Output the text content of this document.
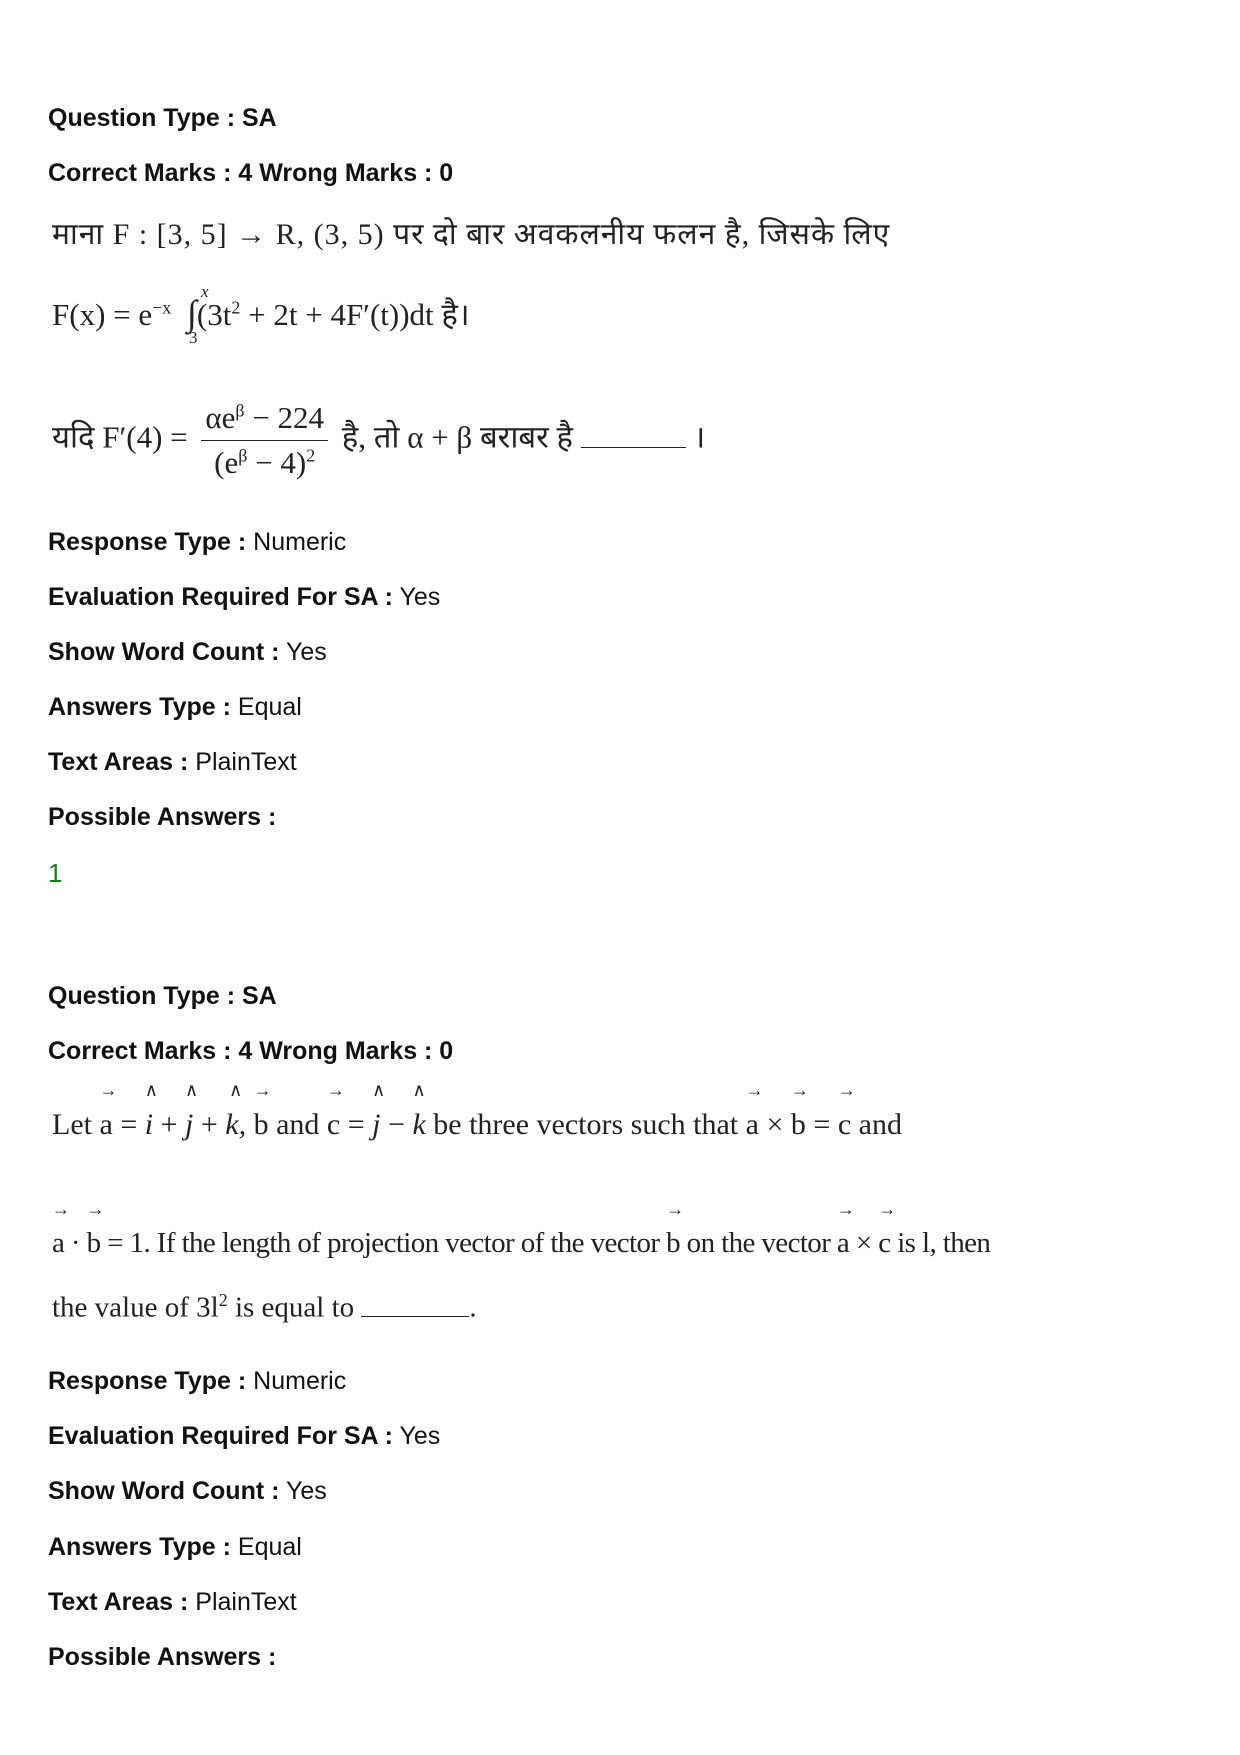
Question Type : SA
Correct Marks : 4 Wrong Marks : 0
माना F : [3, 5] → R, (3, 5) पर दो बार अवकलनीय फलन है, जिसके लिए
$F(x) = e^{-x}$ ∫
x
3
$(3t^2 + 2t + 4F'(t))dt$ है।
यदि $F'(4) = \frac{\alpha e^\beta - 224}{(e^\beta - 4)^2}$ है, तो α + β बराबर है	।
Response Type : Numeric
Evaluation Required For SA : Yes
Show Word Count : Yes
Answers Type : Equal
Text Areas : PlainText
Possible Answers :
1
Question Type : SA
Correct Marks : 4 Wrong Marks : 0
Let
→
a =
∧
i +
∧
j +
∧
k,
→
b and
→
c =
∧
j −
∧
k be three vectors such that
→
a ×
→
b =
→
c and
→
a ·
→
b = 1. If the length of projection vector of the vector
→
b on the vector
→
a ×
→
c is l, then
the value of $3l^2$ is equal to	.
Response Type : Numeric
Evaluation Required For SA : Yes
Show Word Count : Yes
Answers Type : Equal
Text Areas : PlainText
Possible Answers :
